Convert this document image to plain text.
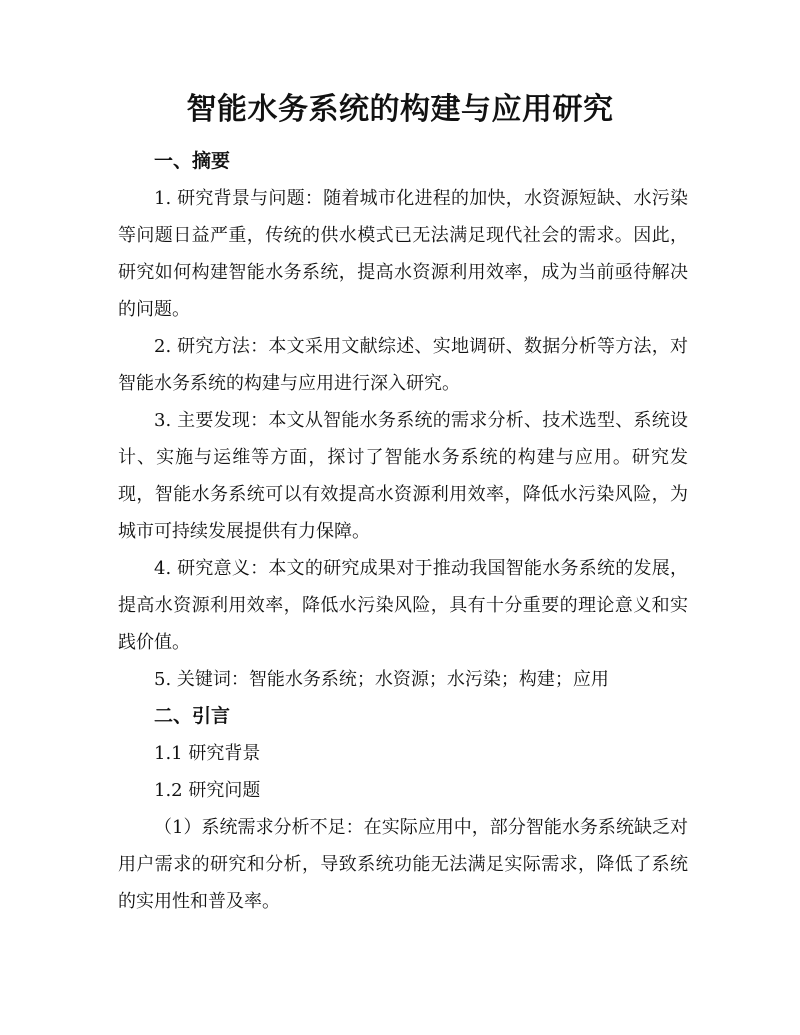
智能水务系统的构建与应用研究
一、摘要

1. 研究背景与问题：随着城市化进程的加快，水资源短缺、水污染等问题日益严重，传统的供水模式已无法满足现代社会的需求。因此，研究如何构建智能水务系统，提高水资源利用效率，成为当前亟待解决的问题。

2. 研究方法：本文采用文献综述、实地调研、数据分析等方法，对智能水务系统的构建与应用进行深入研究。

3. 主要发现：本文从智能水务系统的需求分析、技术选型、系统设计、实施与运维等方面，探讨了智能水务系统的构建与应用。研究发现，智能水务系统可以有效提高水资源利用效率，降低水污染风险，为城市可持续发展提供有力保障。

4. 研究意义：本文的研究成果对于推动我国智能水务系统的发展，提高水资源利用效率，降低水污染风险，具有十分重要的理论意义和实践价值。

5. 关键词：智能水务系统；水资源；水污染；构建；应用

二、引言

1.1 研究背景

1.2 研究问题

（1）系统需求分析不足：在实际应用中，部分智能水务系统缺乏对用户需求的研究和分析，导致系统功能无法满足实际需求，降低了系统的实用性和普及率。
